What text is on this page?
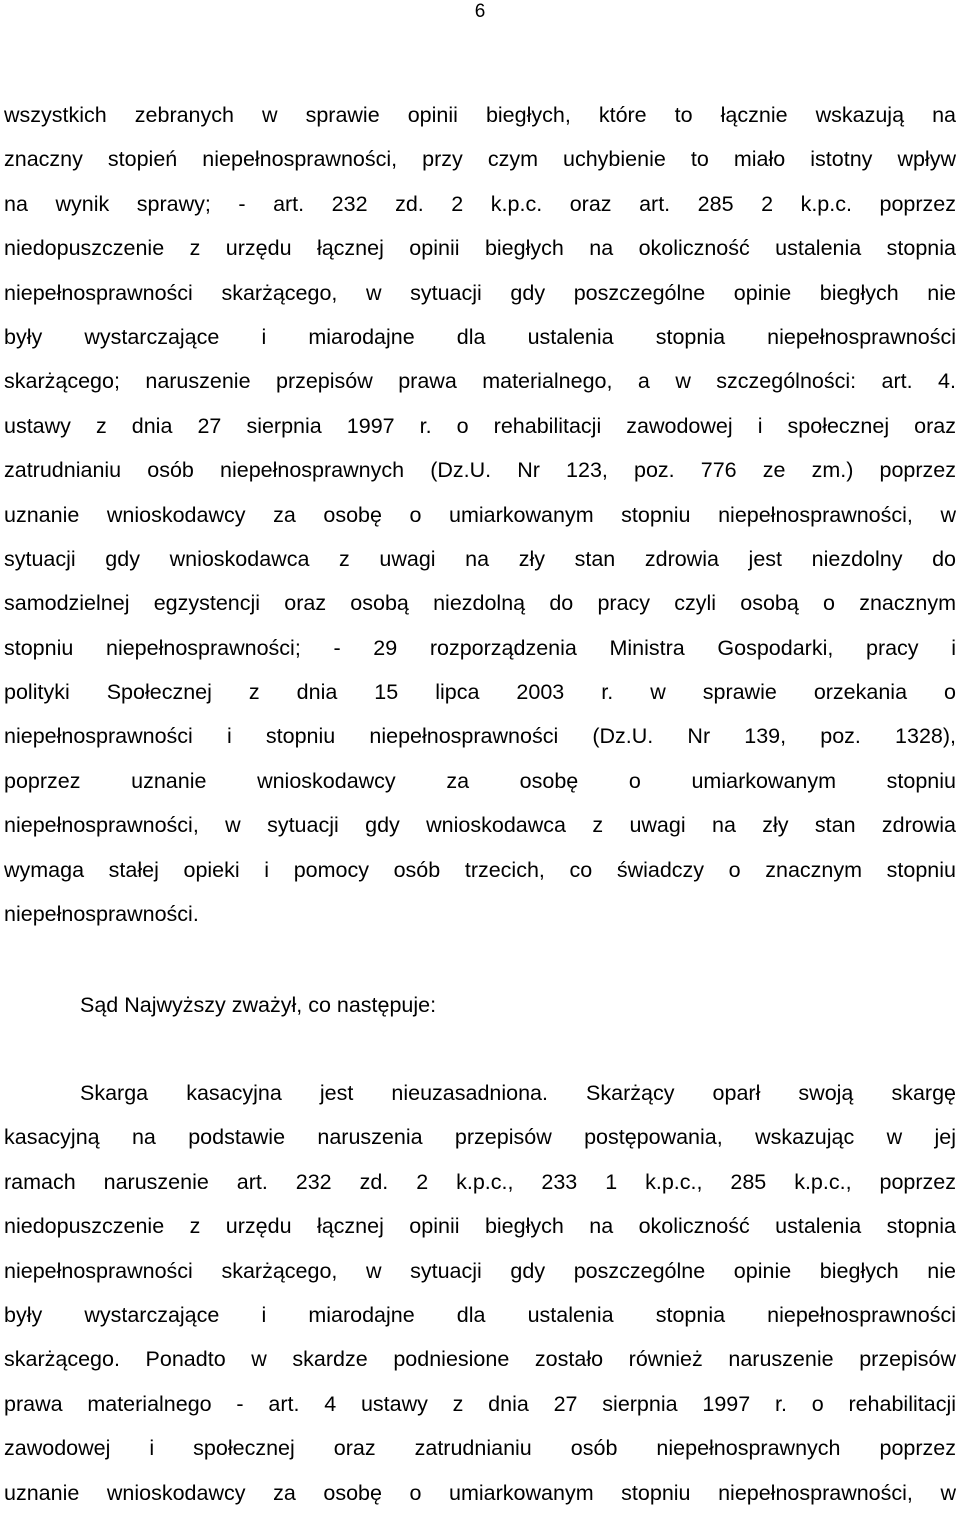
6
wszystkich zebranych w sprawie opinii biegłych, które to łącznie wskazują na
znaczny stopień niepełnosprawności, przy czym uchybienie to miało istotny wpływ
na wynik sprawy; - art. 232 zd. 2 k.p.c. oraz art. 285 2 k.p.c. poprzez
niedopuszczenie z urzędu łącznej opinii biegłych na okoliczność ustalenia stopnia
niepełnosprawności skarżącego, w sytuacji gdy poszczególne opinie biegłych nie
były wystarczające i miarodajne dla ustalenia stopnia niepełnosprawności
skarżącego; naruszenie przepisów prawa materialnego, a w szczególności: art. 4.
ustawy z dnia 27 sierpnia 1997 r. o rehabilitacji zawodowej i społecznej oraz
zatrudnianiu osób niepełnosprawnych (Dz.U. Nr 123, poz. 776 ze zm.) poprzez
uznanie wnioskodawcy za osobę o umiarkowanym stopniu niepełnosprawności, w
sytuacji gdy wnioskodawca z uwagi na zły stan zdrowia jest niezdolny do
samodzielnej egzystencji oraz osobą niezdolną do pracy czyli osobą o znacznym
stopniu niepełnosprawności; - 29 rozporządzenia Ministra Gospodarki, pracy i
polityki Społecznej z dnia 15 lipca 2003 r. w sprawie orzekania o
niepełnosprawności i stopniu niepełnosprawności (Dz.U. Nr 139, poz. 1328),
poprzez uznanie wnioskodawcy za osobę o umiarkowanym stopniu
niepełnosprawności, w sytuacji gdy wnioskodawca z uwagi na zły stan zdrowia
wymaga stałej opieki i pomocy osób trzecich, co świadczy o znacznym stopniu
niepełnosprawności.
Sąd Najwyższy zważył, co następuje:
Skarga kasacyjna jest nieuzasadniona. Skarżący oparł swoją skargę
kasacyjną na podstawie naruszenia przepisów postępowania, wskazując w jej
ramach naruszenie art. 232 zd. 2 k.p.c., 233 1 k.p.c., 285 k.p.c., poprzez
niedopuszczenie z urzędu łącznej opinii biegłych na okoliczność ustalenia stopnia
niepełnosprawności skarżącego, w sytuacji gdy poszczególne opinie biegłych nie
były wystarczające i miarodajne dla ustalenia stopnia niepełnosprawności
skarżącego. Ponadto w skardze podniesione zostało również naruszenie przepisów
prawa materialnego - art. 4 ustawy z dnia 27 sierpnia 1997 r. o rehabilitacji
zawodowej i społecznej oraz zatrudnianiu osób niepełnosprawnych poprzez
uznanie wnioskodawcy za osobę o umiarkowanym stopniu niepełnosprawności, w
